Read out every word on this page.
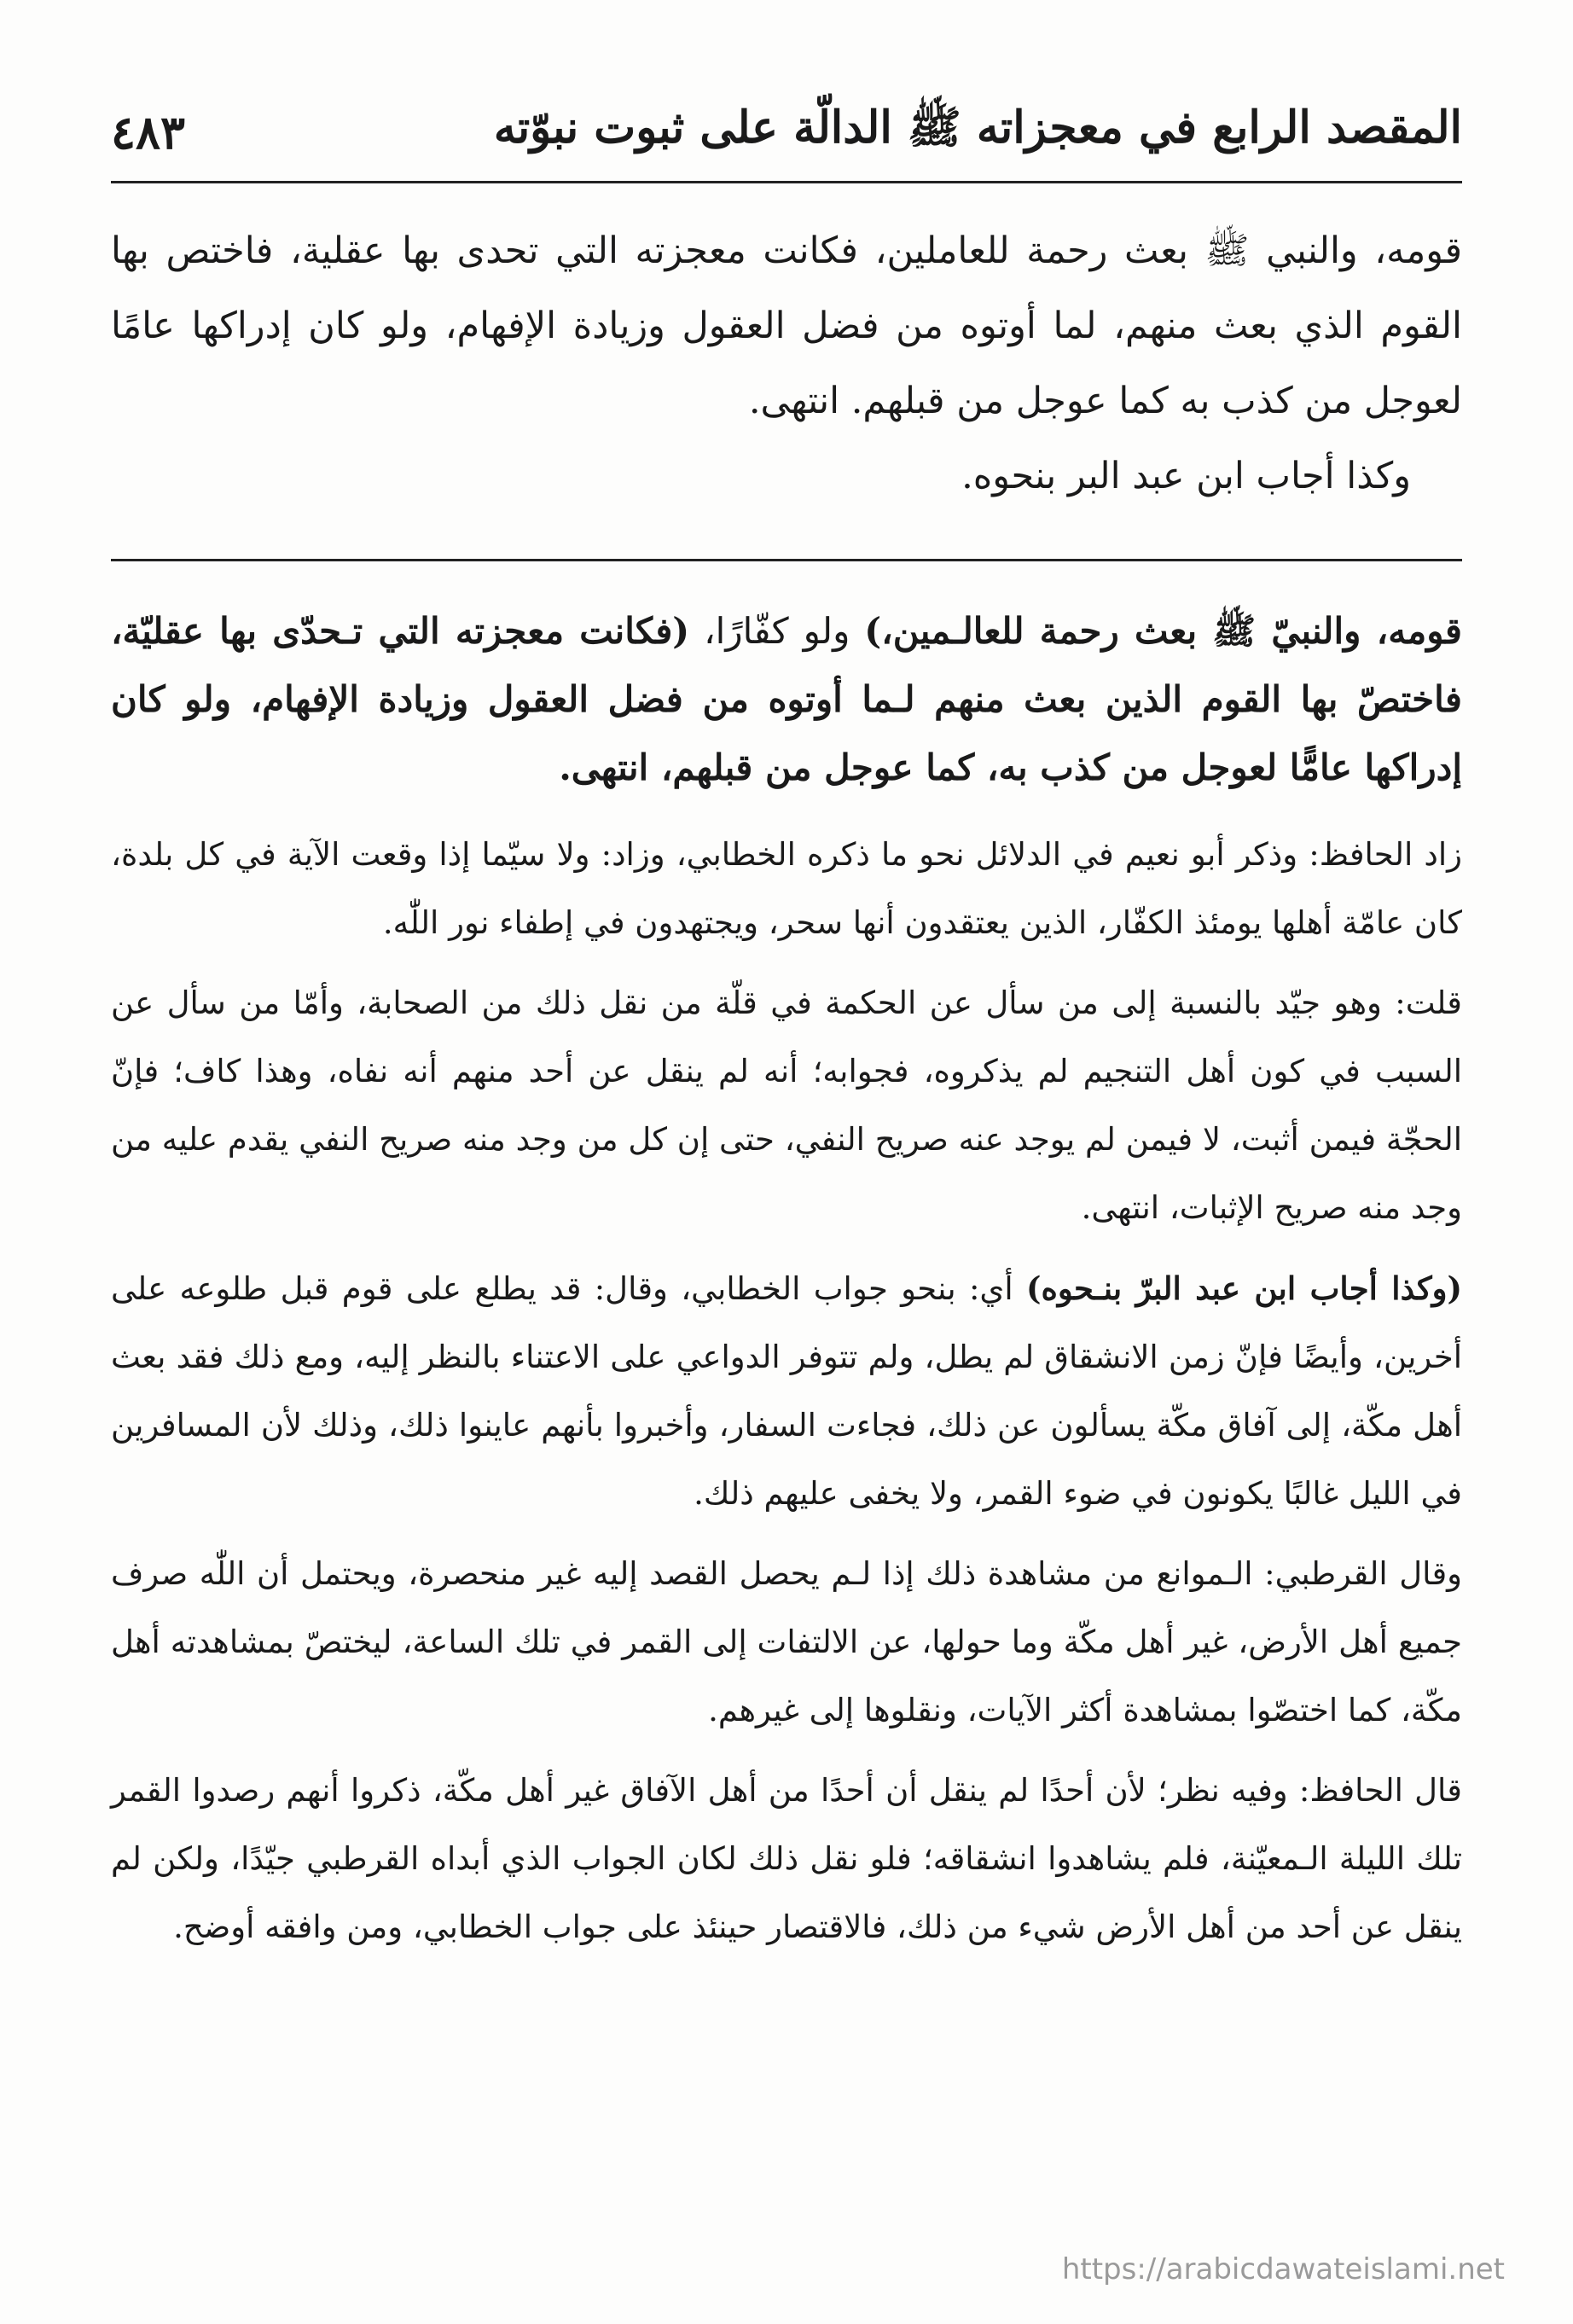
المقصد الرابع في معجزاته ﷺ الدالّة على ثبوت نبوّته
٤٨٣

قومه، والنبي ﷺ بعث رحمة للعاملين، فكانت معجزته التي تحدى بها عقلية، فاختص بها القوم الذي بعث منهم، لما أوتوه من فضل العقول وزيادة الإفهام، ولو كان إدراكها عامًا لعوجل من كذب به كما عوجل من قبلهم. انتهى.

وكذا أجاب ابن عبد البر بنحوه.

قومه، والنبيّ ﷺ بعث رحمة للعالـمين،) ولو كفّارًا، (فكانت معجزته التي تـحدّى بها عقليّة، فاختصّ بها القوم الذين بعث منهم لـما أوتوه من فضل العقول وزيادة الإفهام، ولو كان إدراكها عامًّا لعوجل من كذب به، كما عوجل من قبلهم، انتهى.

زاد الحافظ: وذكر أبو نعيم في الدلائل نحو ما ذكره الخطابي، وزاد: ولا سيّما إذا وقعت الآية في كل بلدة، كان عامّة أهلها يومئذ الكفّار، الذين يعتقدون أنها سحر، ويجتهدون في إطفاء نور اللّٰه.

قلت: وهو جيّد بالنسبة إلى من سأل عن الحكمة في قلّة من نقل ذلك من الصحابة، وأمّا من سأل عن السبب في كون أهل التنجيم لم يذكروه، فجوابه؛ أنه لم ينقل عن أحد منهم أنه نفاه، وهذا كاف؛ فإنّ الحجّة فيمن أثبت، لا فيمن لم يوجد عنه صريح النفي، حتى إن كل من وجد منه صريح النفي يقدم عليه من وجد منه صريح الإثبات، انتهى.

(وكذا أجاب ابن عبد البرّ بنـحوه) أي: بنحو جواب الخطابي، وقال: قد يطلع على قوم قبل طلوعه على أخرين، وأيضًا فإنّ زمن الانشقاق لم يطل، ولم تتوفر الدواعي على الاعتناء بالنظر إليه، ومع ذلك فقد بعث أهل مكّة، إلى آفاق مكّة يسألون عن ذلك، فجاءت السفار، وأخبروا بأنهم عاينوا ذلك، وذلك لأن المسافرين في الليل غالبًا يكونون في ضوء القمر، ولا يخفى عليهم ذلك.

وقال القرطبي: الـموانع من مشاهدة ذلك إذا لـم يحصل القصد إليه غير منحصرة، ويحتمل أن اللّٰه صرف جميع أهل الأرض، غير أهل مكّة وما حولها، عن الالتفات إلى القمر في تلك الساعة، ليختصّ بمشاهدته أهل مكّة، كما اختصّوا بمشاهدة أكثر الآيات، ونقلوها إلى غيرهم.

قال الحافظ: وفيه نظر؛ لأن أحدًا لم ينقل أن أحدًا من أهل الآفاق غير أهل مكّة، ذكروا أنهم رصدوا القمر تلك الليلة الـمعيّنة، فلم يشاهدوا انشقاقه؛ فلو نقل ذلك لكان الجواب الذي أبداه القرطبي جيّدًا، ولكن لم ينقل عن أحد من أهل الأرض شيء من ذلك، فالاقتصار حينئذ على جواب الخطابي، ومن وافقه أوضح.

https://arabicdawateislami.net
